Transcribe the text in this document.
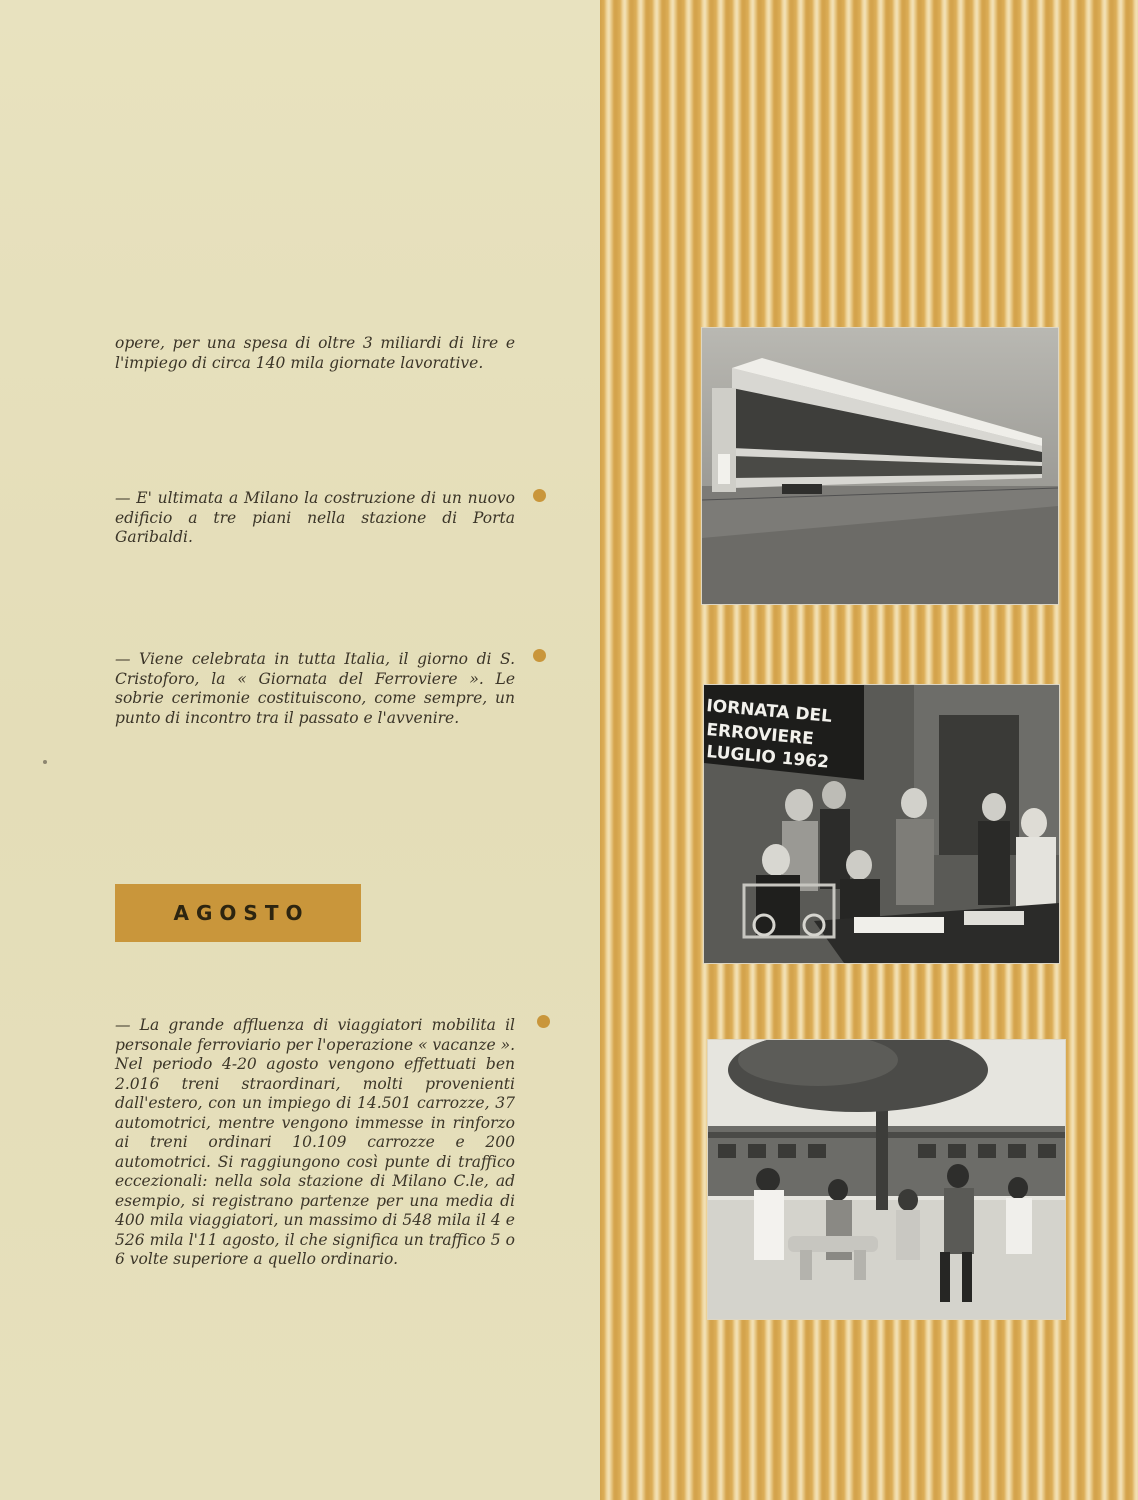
opere, per una spesa di oltre 3 miliardi di lire e l'impiego di circa 140 mila giornate lavorative.

— E' ultimata a Milano la costruzione di un nuovo edificio a tre piani nella stazione di Porta Garibaldi.

— Viene celebrata in tutta Italia, il giorno di S. Cristoforo, la « Giornata del Ferroviere ». Le sobrie cerimonie costituiscono, come sempre, un punto di incontro tra il passato e l'avvenire.

AGOSTO

— La grande affluenza di viaggiatori mobilita il personale ferroviario per l'operazione « vacanze ». Nel periodo 4-20 agosto vengono effettuati ben 2.016 treni straordinari, molti provenienti dall'estero, con un impiego di 14.501 carrozze, 37 automotrici, mentre vengono immesse in rinforzo ai treni ordinari 10.109 carrozze e 200 automotrici. Si raggiungono così punte di traffico eccezionali: nella sola stazione di Milano C.le, ad esempio, si registrano partenze per una media di 400 mila viaggiatori, un massimo di 548 mila il 4 e 526 mila l'11 agosto, il che significa un traffico 5 o 6 volte superiore a quello ordinario.

IORNATA DEL
ERROVIERE
LUGLIO 1962
